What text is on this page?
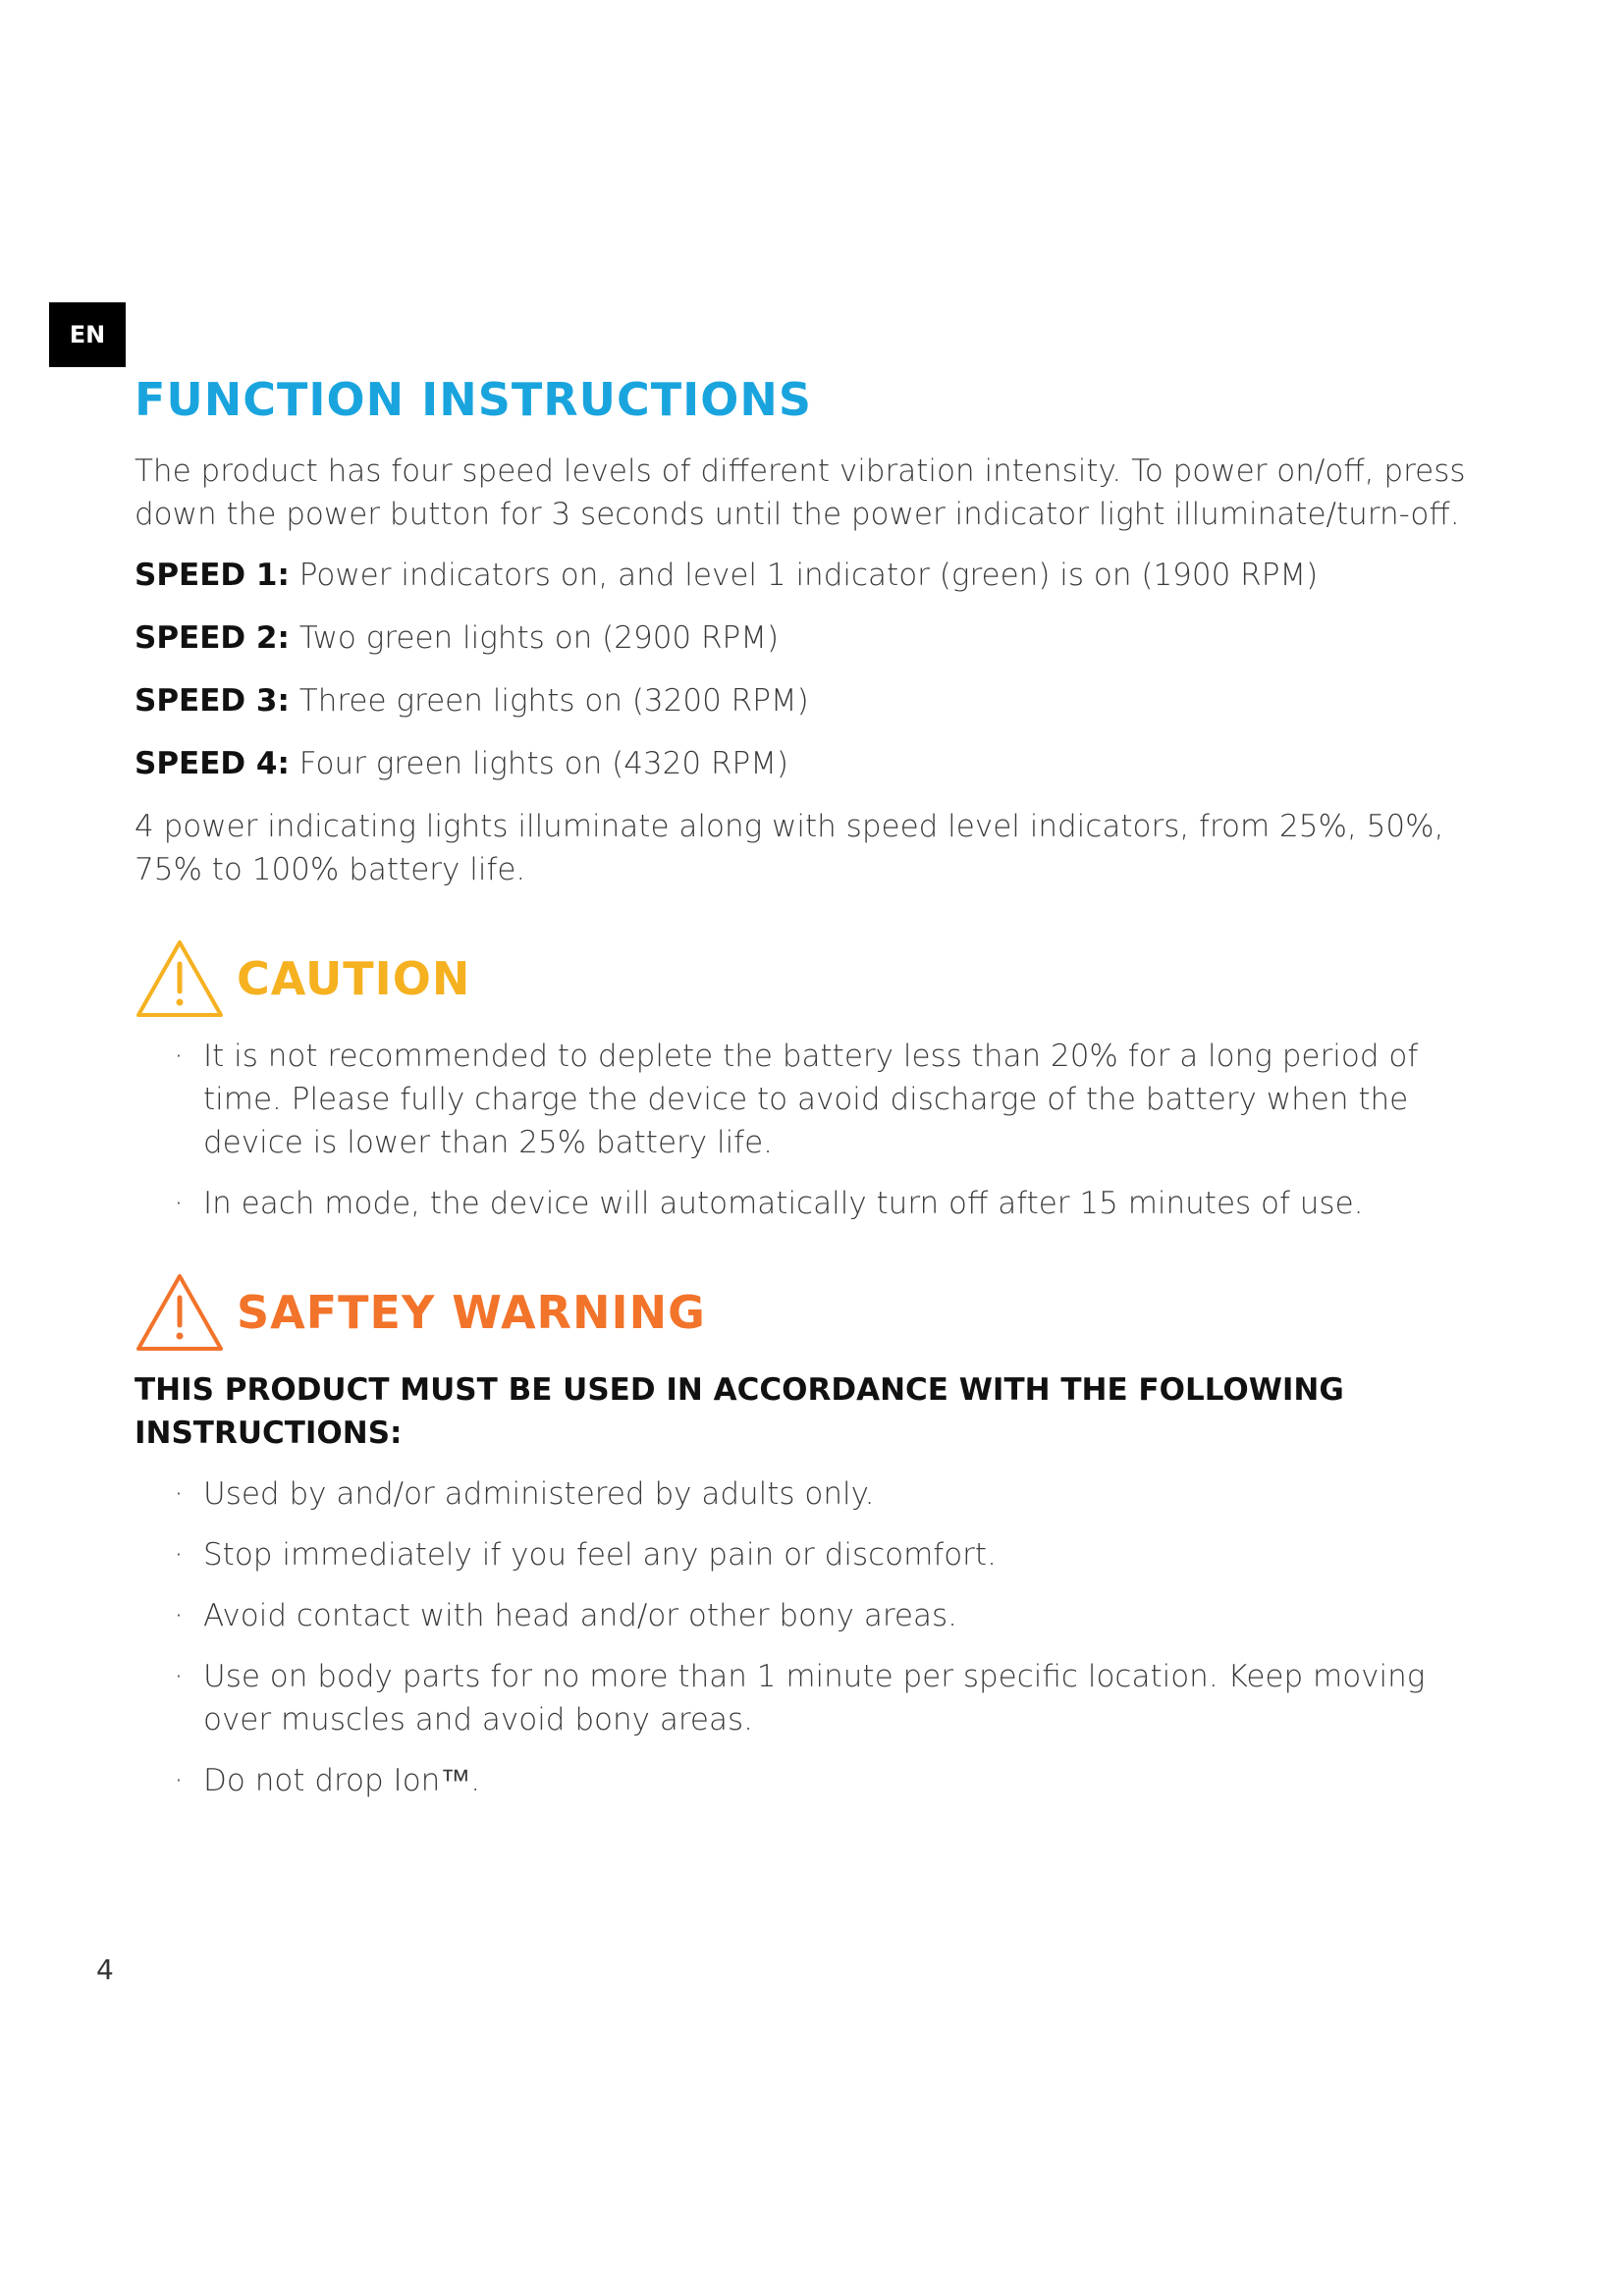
EN
FUNCTION INSTRUCTIONS

The product has four speed levels of different vibration intensity. To power on/off, press down the power button for 3 seconds until the power indicator light illuminate/turn-off.

SPEED 1: Power indicators on, and level 1 indicator (green) is on (1900 RPM)

SPEED 2: Two green lights on (2900 RPM)

SPEED 3: Three green lights on (3200 RPM)

SPEED 4: Four green lights on (4320 RPM)

4 power indicating lights illuminate along with speed level indicators, from 25%, 50%, 75% to 100% battery life.

CAUTION
· It is not recommended to deplete the battery less than 20% for a long period of time. Please fully charge the device to avoid discharge of the battery when the device is lower than 25% battery life.
· In each mode, the device will automatically turn off after 15 minutes of use.
SAFTEY WARNING

THIS PRODUCT MUST BE USED IN ACCORDANCE WITH THE FOLLOWING INSTRUCTIONS:

· Used by and/or administered by adults only.
· Stop immediately if you feel any pain or discomfort.
· Avoid contact with head and/or other bony areas.
· Use on body parts for no more than 1 minute per specific location. Keep moving over muscles and avoid bony areas.
· Do not drop Ion™.
4
